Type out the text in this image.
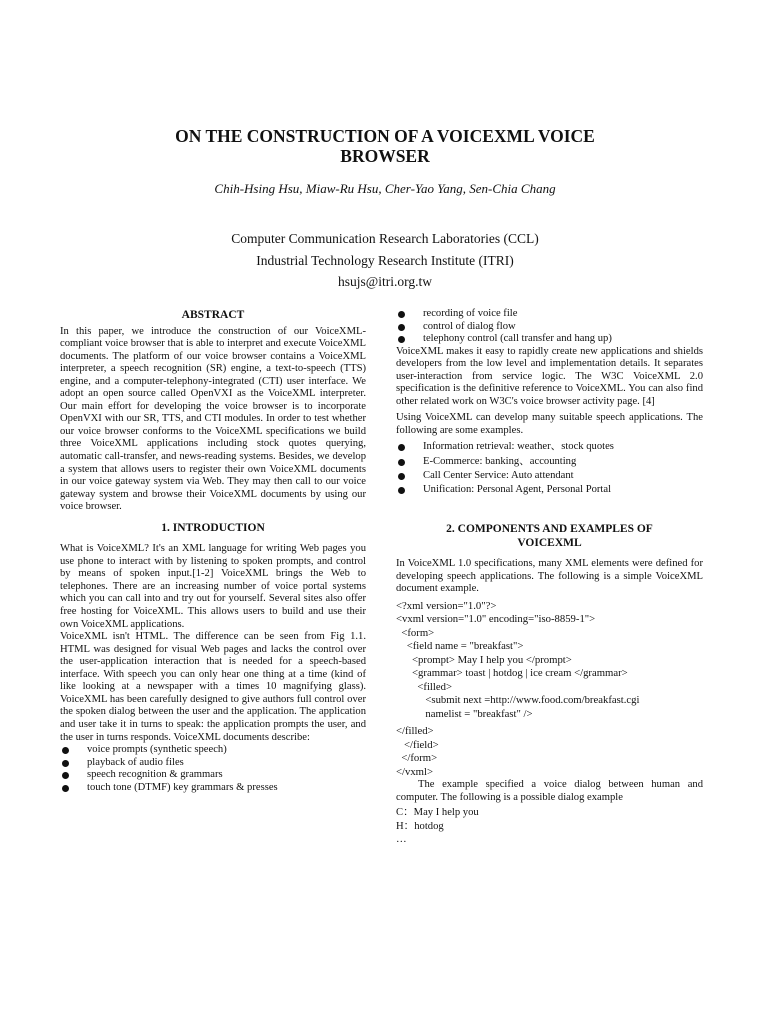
ON THE CONSTRUCTION OF A VOICEXML VOICE
BROWSER
Chih-Hsing Hsu, Miaw-Ru Hsu, Cher-Yao Yang, Sen-Chia Chang
Computer Communication Research Laboratories (CCL)
Industrial Technology Research Institute (ITRI)
hsujs@itri.org.tw
ABSTRACT

In this paper, we introduce the construction of our VoiceXML-compliant voice browser that is able to interpret and execute VoiceXML documents. The platform of our voice browser contains a VoiceXML interpreter, a speech recognition (SR) engine, a text-to-speech (TTS) engine, and a computer-telephony-integrated (CTI) user interface. We adopt an open source called OpenVXI as the VoiceXML interpreter. Our main effort for developing the voice browser is to incorporate OpenVXI with our SR, TTS, and CTI modules. In order to test whether our voice browser conforms to the VoiceXML specifications we build three VoiceXML applications including stock quotes querying, automatic call-transfer, and news-reading systems. Besides, we develop a system that allows users to register their own VoiceXML documents in our voice gateway system via Web. They may then call to our voice gateway system and browse their VoiceXML documents by using our voice browser.

1. INTRODUCTION

What is VoiceXML? It's an XML language for writing Web pages you use phone to interact with by listening to spoken prompts, and control by means of spoken input.[1-2] VoiceXML brings the Web to telephones. There are an increasing number of voice portal systems which you can call into and try out for yourself. Several sites also offer free hosting for VoiceXML. This allows users to build and use their own VoiceXML applications.

VoiceXML isn't HTML. The difference can be seen from Fig 1.1. HTML was designed for visual Web pages and lacks the control over the user-application interaction that is needed for a speech-based interface. With speech you can only hear one thing at a time (kind of like looking at a newspaper with a times 10 magnifying glass). VoiceXML has been carefully designed to give authors full control over the spoken dialog between the user and the application. The application and user take it in turns to speak: the application prompts the user, and the user in turns responds. VoiceXML documents describe:

voice prompts (synthetic speech)
playback of audio files
speech recognition & grammars
touch tone (DTMF) key grammars & presses
recording of voice file
control of dialog flow
telephony control (call transfer and hang up)

VoiceXML makes it easy to rapidly create new applications and shields developers from the low level and implementation details. It separates user-interaction from service logic. The W3C VoiceXML 2.0 specification is the definitive reference to VoiceXML. You can also find other related work on W3C's voice browser activity page. [4]

Using VoiceXML can develop many suitable speech applications. The following are some examples.

Information retrieval: weather、stock quotes
E-Commerce: banking、accounting
Call Center Service: Auto attendant
Unification: Personal Agent, Personal Portal
2. COMPONENTS AND EXAMPLES OF
VOICEXML

In VoiceXML 1.0 specifications, many XML elements were defined for developing speech applications. The following is a simple VoiceXML document example.

<?xml version="1.0"?>
<vxml version="1.0" encoding="iso-8859-1">
<form>
<field name = "breakfast">
<prompt> May I help you </prompt>
<grammar> toast | hotdog | ice cream </grammar>
<filled>
<submit next =http://www.food.com/breakfast.cgi
namelist = "breakfast" />
</filled>
</field>
</form>
</vxml>

The example specified a voice dialog between human and computer. The following is a possible dialog example

C：May I help you
H：hotdog
…
